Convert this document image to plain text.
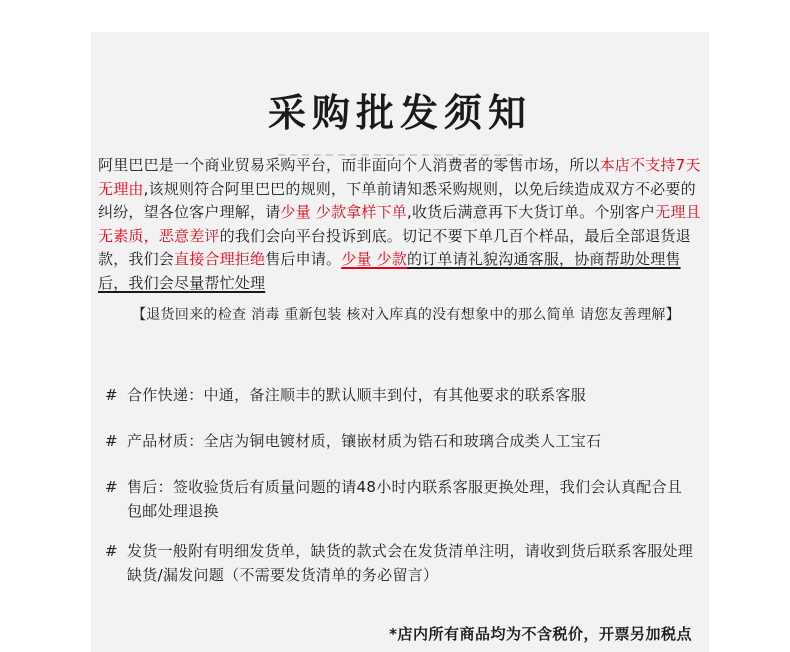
采购批发须知
阿里巴巴是一个商业贸易采购平台，而非面向个人消费者的零售市场，所以本店不支持7天无理由,该规则符合阿里巴巴的规则，下单前请知悉采购规则，以免后续造成双方不必要的纠纷，望各位客户理解，请少量 少款拿样下单,收货后满意再下大货订单。个别客户无理且无素质，恶意差评的我们会向平台投诉到底。切记不要下单几百个样品，最后全部退货退款，我们会直接合理拒绝售后申请。少量 少款的订单请礼貌沟通客服，协商帮助处理售后，我们会尽量帮忙处理
【退货回来的检查 消毒 重新包装 核对入库真的没有想象中的那么简单 请您友善理解】
# 合作快递：中通，备注顺丰的默认顺丰到付，有其他要求的联系客服
# 产品材质：全店为铜电镀材质，镶嵌材质为锆石和玻璃合成类人工宝石
# 售后：签收验货后有质量问题的请48小时内联系客服更换处理，我们会认真配合且包邮处理退换
# 发货一般附有明细发货单，缺货的款式会在发货清单注明，请收到货后联系客服处理缺货/漏发问题（不需要发货清单的务必留言）
*店内所有商品均为不含税价，开票另加税点
